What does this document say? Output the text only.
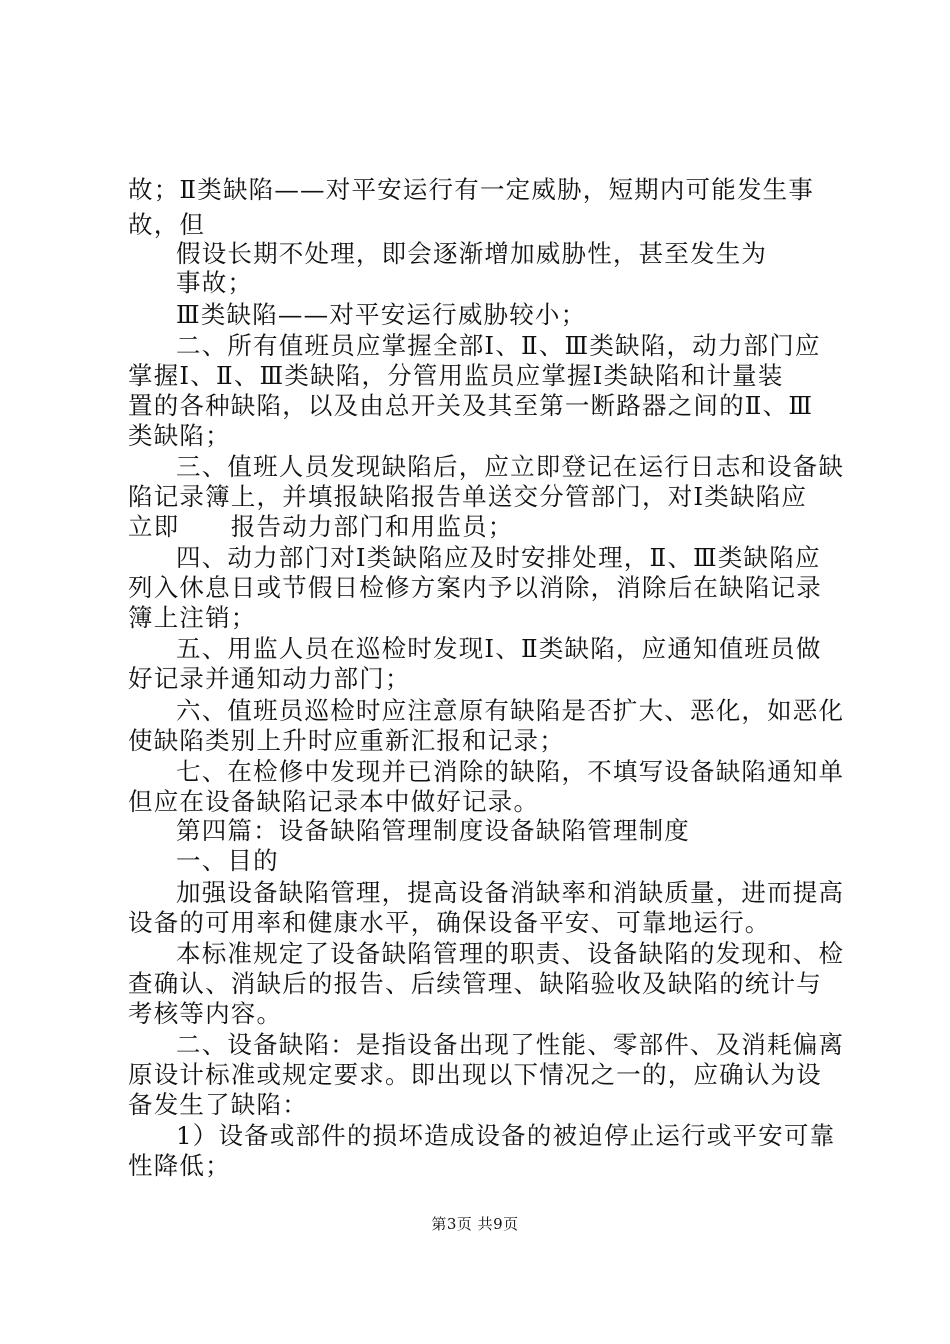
故；Ⅱ类缺陷——对平安运行有一定威胁，短期内可能发生事
故，但
假设长期不处理，即会逐渐增加威胁性，甚至发生为
事故；
Ⅲ类缺陷——对平安运行威胁较小；
二、所有值班员应掌握全部Ⅰ、Ⅱ、Ⅲ类缺陷，动力部门应
掌握Ⅰ、Ⅱ、Ⅲ类缺陷，分管用监员应掌握Ⅰ类缺陷和计量装
置的各种缺陷，以及由总开关及其至第一断路器之间的Ⅱ、Ⅲ
类缺陷；
三、值班人员发现缺陷后，应立即登记在运行日志和设备缺
陷记录簿上，并填报缺陷报告单送交分管部门，对Ⅰ类缺陷应
立即　　报告动力部门和用监员；
四、动力部门对Ⅰ类缺陷应及时安排处理，Ⅱ、Ⅲ类缺陷应
列入休息日或节假日检修方案内予以消除，消除后在缺陷记录
簿上注销；
五、用监人员在巡检时发现Ⅰ、Ⅱ类缺陷，应通知值班员做
好记录并通知动力部门；
六、值班员巡检时应注意原有缺陷是否扩大、恶化，如恶化
使缺陷类别上升时应重新汇报和记录；
七、在检修中发现并已消除的缺陷，不填写设备缺陷通知单
但应在设备缺陷记录本中做好记录。
第四篇：设备缺陷管理制度设备缺陷管理制度
一、目的
加强设备缺陷管理，提高设备消缺率和消缺质量，进而提高
设备的可用率和健康水平，确保设备平安、可靠地运行。
本标准规定了设备缺陷管理的职责、设备缺陷的发现和、检
查确认、消缺后的报告、后续管理、缺陷验收及缺陷的统计与
考核等内容。
二、设备缺陷：是指设备出现了性能、零部件、及消耗偏离
原设计标准或规定要求。即出现以下情况之一的，应确认为设
备发生了缺陷：
1）设备或部件的损坏造成设备的被迫停止运行或平安可靠
性降低；
第3页 共9页
